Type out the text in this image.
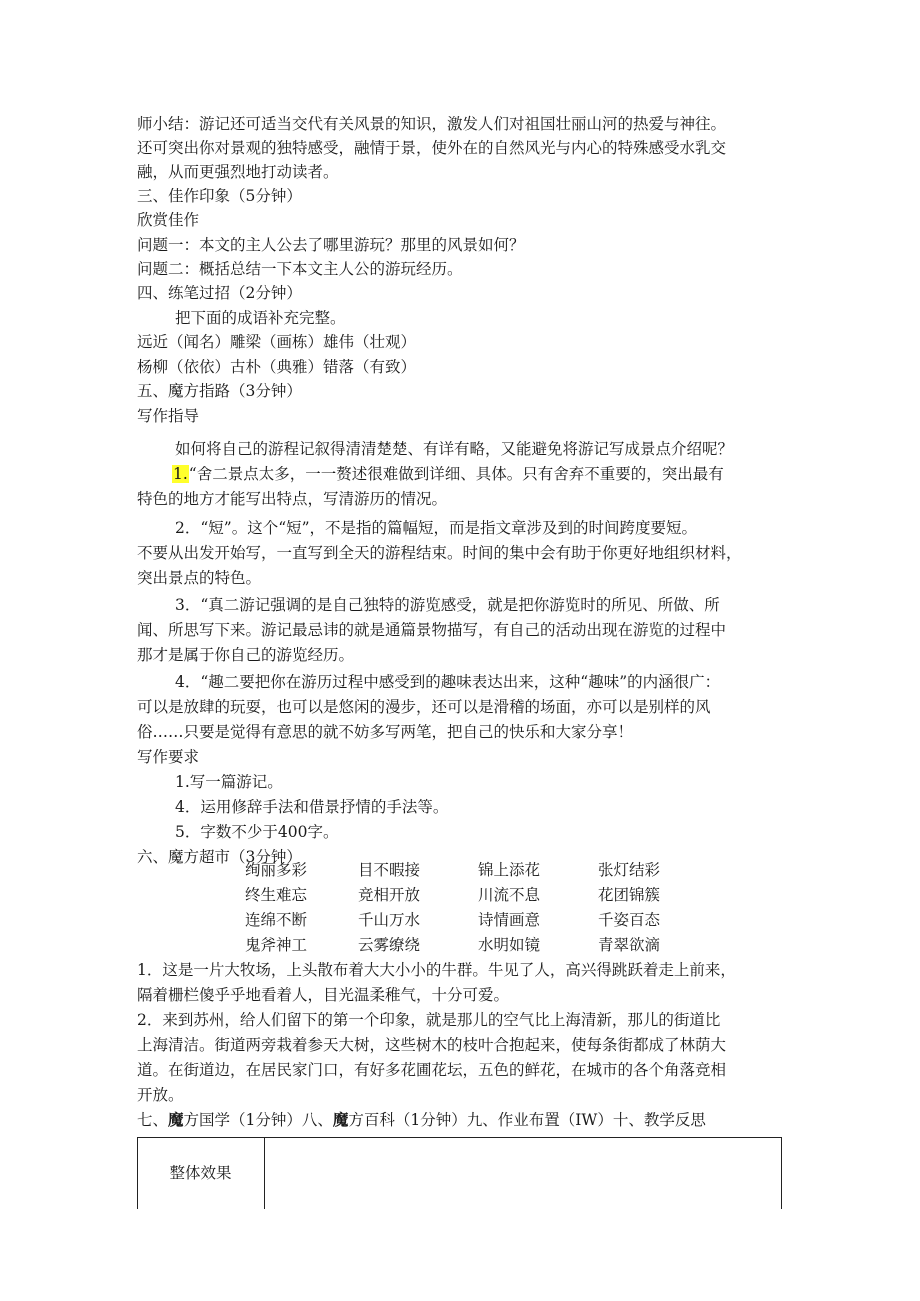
师小结：游记还可适当交代有关风景的知识，激发人们对祖国壮丽山河的热爱与神往。
还可突出你对景观的独特感受，融情于景，使外在的自然风光与内心的特殊感受水乳交
融，从而更强烈地打动读者。
三、佳作印象（5分钟）
欣赏佳作
问题一：本文的主人公去了哪里游玩？那里的风景如何？
问题二：概括总结一下本文主人公的游玩经历。
四、练笔过招（2分钟）
把下面的成语补充完整。
远近（闻名）雕梁（画栋）雄伟（壮观）
杨柳（依依）古朴（典雅）错落（有致）
五、魔方指路（3分钟）
写作指导
如何将自己的游程记叙得清清楚楚、有详有略，又能避免将游记写成景点介绍呢？
1.“舍二景点太多，一一赘述很难做到详细、具体。只有舍弃不重要的，突出最有
特色的地方才能写出特点，写清游历的情况。
2．“短”。这个“短”，不是指的篇幅短，而是指文章涉及到的时间跨度要短。
不要从出发开始写，一直写到全天的游程结束。时间的集中会有助于你更好地组织材料，
突出景点的特色。
3．“真二游记强调的是自己独特的游览感受，就是把你游览时的所见、所做、所
闻、所思写下来。游记最忌讳的就是通篇景物描写，有自己的活动出现在游览的过程中
那才是属于你自己的游览经历。
4．“趣二要把你在游历过程中感受到的趣味表达出来，这种“趣味”的内涵很广：
可以是放肆的玩耍，也可以是悠闲的漫步，还可以是滑稽的场面，亦可以是别样的风
俗……只要是觉得有意思的就不妨多写两笔，把自己的快乐和大家分享！
写作要求
1.写一篇游记。
4．运用修辞手法和借景抒情的手法等。
5．字数不少于400字。
六、魔方超市（3分钟）
绚丽多彩	目不暇接	锦上添花	张灯结彩
终生难忘	竞相开放	川流不息	花团锦簇
连绵不断	千山万水	诗情画意	千姿百态
鬼斧神工	云雾缭绕	水明如镜	青翠欲滴
1．这是一片大牧场，上头散布着大大小小的牛群。牛见了人，高兴得跳跃着走上前来，
隔着栅栏傻乎乎地看着人，目光温柔稚气，十分可爱。
2．来到苏州，给人们留下的第一个印象，就是那儿的空气比上海清新，那儿的街道比
上海清洁。街道两旁栽着参天大树，这些树木的枝叶合抱起来，使每条街都成了林荫大
道。在街道边，在居民家门口，有好多花圃花坛，五色的鲜花，在城市的各个角落竞相
开放。
七、魔方国学（1分钟）八、魔方百科（1分钟）九、作业布置（IW）十、教学反思
整体效果
